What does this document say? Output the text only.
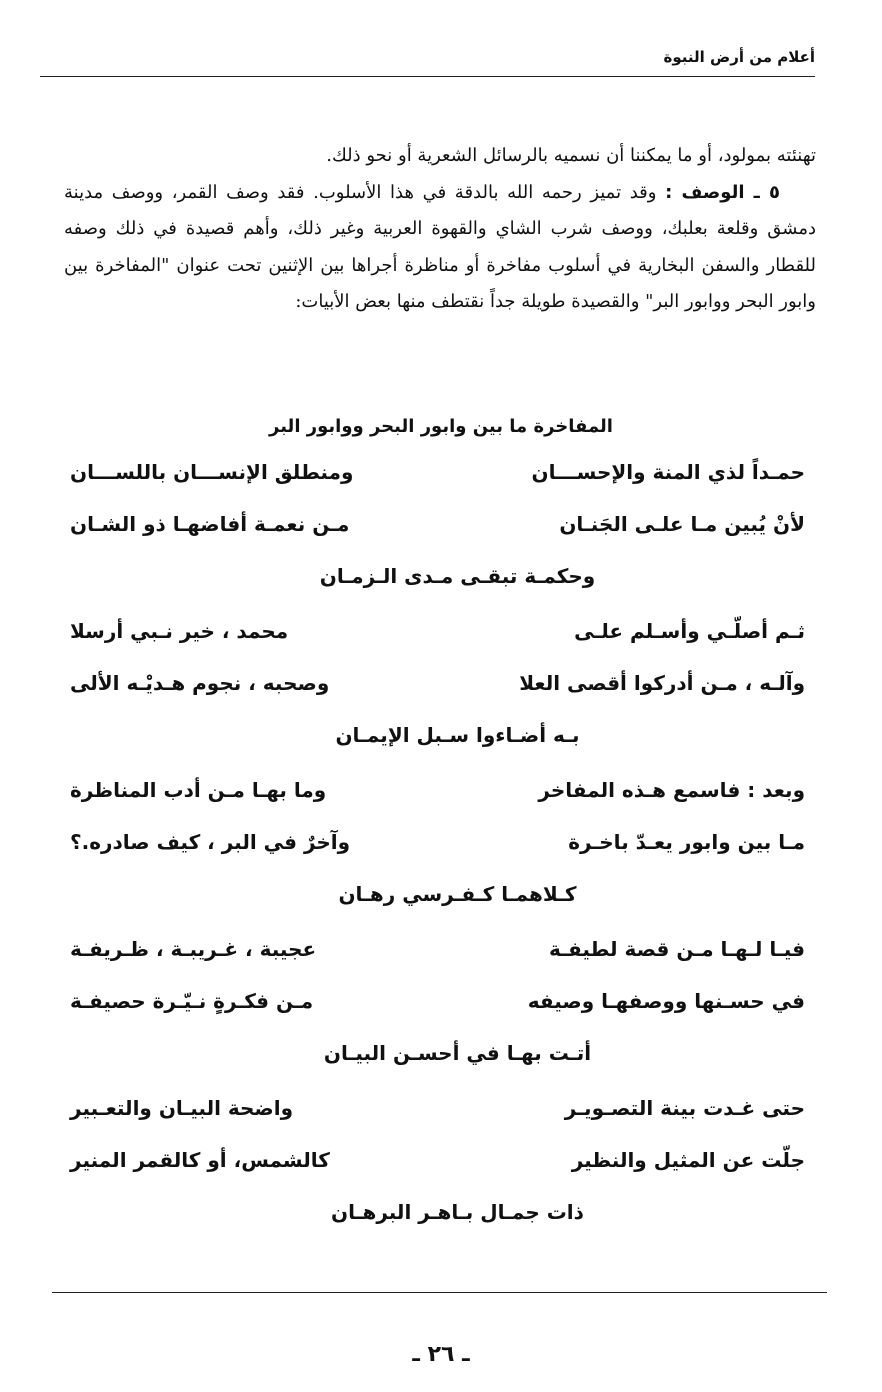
أعلام من أرض النبوة

تهنئته بمولود، أو ما يمكننا أن نسميه بالرسائل الشعرية أو نحو ذلك.

  ٥ ـ الوصف : وقد تميز رحمه الله بالدقة في هذا الأسلوب. فقد وصف القمر، ووصف مدينة دمشق وقلعة بعلبك، ووصف شرب الشاي والقهوة العربية وغير ذلك، وأهم قصيدة في ذلك وصفه للقطار والسفن البخارية في أسلوب مفاخرة أو مناظرة أجراها بين الإثنين تحت عنوان "المفاخرة بين وابور البحر ووابور البر" والقصيدة طويلة جداً نقتطف منها بعض الأبيات:

المفاخرة ما بين وابور البحر ووابور البر
حمـداً لذي المنة والإحســـان
ومنطلق الإنســـان باللســـان
لأنْ يُبين مـا علـى الجَنـان
مـن نعمـة أفاضهـا ذو الشـان
وحكمـة تبقـى مـدى الـزمـان
ثـم أصلّـي وأسـلم علـى
محمد ، خير نـبي أرسلا
وآلـه ، مـن أدركوا أقصى العلا
وصحبه ، نجوم هـديْـه الألى
بـه أضـاءوا سـبل الإيمـان
وبعد : فاسمع هـذه المفاخر
وما بهـا مـن أدب المناظرة
مـا بين وابور يعـدّ باخـرة
وآخرٌ في البر ، كيف صادره.؟
كـلاهمـا كـفـرسي رهـان
فيـا لـهـا مـن قصة لطيفـة
عجيبة ، غـريبـة ، ظـريفـة
في حسـنها ووصفهـا وصيفه
مـن فكـرةٍ نـيّـرة حصيفـة
أتـت بهـا في أحسـن البيـان
حتى غـدت بينة التصـويـر
واضحة البيـان والتعـبير
جلّت عن المثيل والنظير
كالشمس، أو كالقمر المنير
ذات جمـال بـاهـر البرهـان
ـ ٢٦ ـ
